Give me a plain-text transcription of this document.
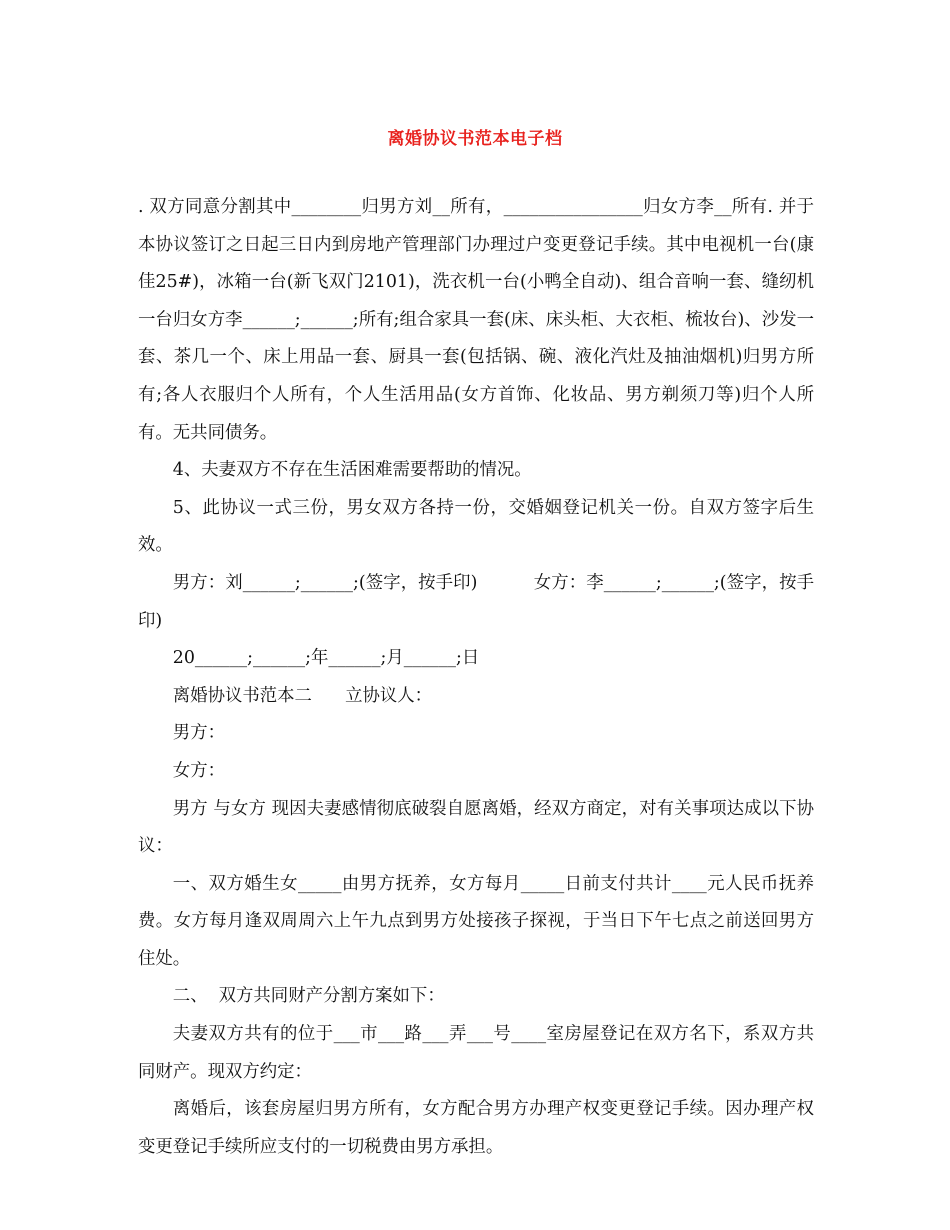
离婚协议书范本电子档

. 双方同意分割其中________归男方刘__所有，________________归女方李__所有. 并于本协议签订之日起三日内到房地产管理部门办理过户变更登记手续。其中电视机一台(康佳25#)，冰箱一台(新飞双门2101)，洗衣机一台(小鸭全自动)、组合音响一套、缝纫机一台归女方李______;______;所有;组合家具一套(床、床头柜、大衣柜、梳妆台)、沙发一套、茶几一个、床上用品一套、厨具一套(包括锅、碗、液化汽灶及抽油烟机)归男方所有;各人衣服归个人所有，个人生活用品(女方首饰、化妆品、男方剃须刀等)归个人所有。无共同债务。

4、夫妻双方不存在生活困难需要帮助的情况。

5、此协议一式三份，男女双方各持一份，交婚姻登记机关一份。自双方签字后生效。

男方：刘______;______;(签字，按手印)          女方：李______;______;(签字，按手印)

20______;______;年______;月______;日

离婚协议书范本二      立协议人：

男方：

女方：

男方 与女方 现因夫妻感情彻底破裂自愿离婚，经双方商定，对有关事项达成以下协议：

一、双方婚生女_____由男方抚养，女方每月_____日前支付共计____元人民币抚养费。女方每月逢双周周六上午九点到男方处接孩子探视，于当日下午七点之前送回男方住处。

二、  双方共同财产分割方案如下：

夫妻双方共有的位于___市___路___弄___号____室房屋登记在双方名下，系双方共同财产。现双方约定：

离婚后，该套房屋归男方所有，女方配合男方办理产权变更登记手续。因办理产权变更登记手续所应支付的一切税费由男方承担。
